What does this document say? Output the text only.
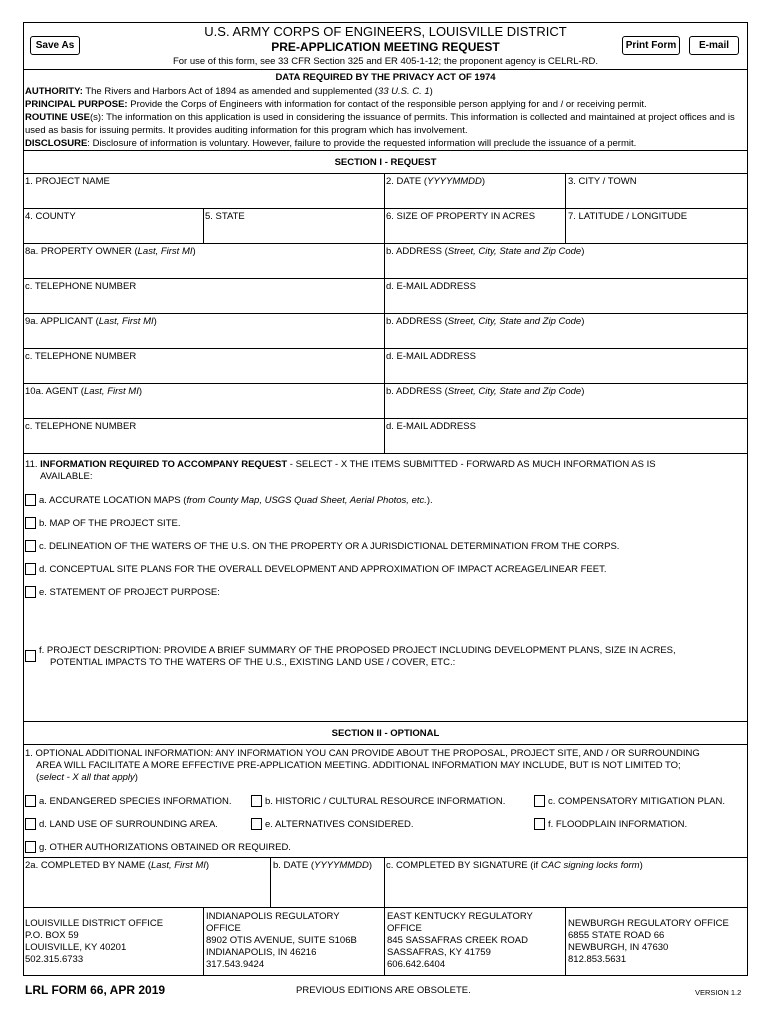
Save As	Print Form	E-mail
U.S. ARMY CORPS OF ENGINEERS, LOUISVILLE DISTRICT
PRE-APPLICATION MEETING REQUEST
For use of this form, see 33 CFR Section 325 and ER 405-1-12; the proponent agency is CELRL-RD.
DATA REQUIRED BY THE PRIVACY ACT OF 1974
AUTHORITY: The Rivers and Harbors Act of 1894 as amended and supplemented (33 U.S. C. 1)
PRINCIPAL PURPOSE: Provide the Corps of Engineers with information for contact of the responsible person applying for and / or receiving permit.
ROUTINE USE(s): The information on this application is used in considering the issuance of permits. This information is collected and maintained at project offices and is used as basis for issuing permits. It provides auditing information for this program which has involvement.
DISCLOSURE: Disclosure of information is voluntary. However, failure to provide the requested information will preclude the issuance of a permit.
SECTION I - REQUEST
1. PROJECT NAME	2. DATE (YYYYMMDD)	3. CITY / TOWN
4. COUNTY	5. STATE	6. SIZE OF PROPERTY IN ACRES	7. LATITUDE / LONGITUDE
8a. PROPERTY OWNER (Last, First MI)	b. ADDRESS (Street, City, State and Zip Code)
c. TELEPHONE NUMBER	d. E-MAIL ADDRESS
9a. APPLICANT (Last, First MI)	b. ADDRESS (Street, City, State and Zip Code)
c. TELEPHONE NUMBER	d. E-MAIL ADDRESS
10a. AGENT (Last, First MI)	b. ADDRESS (Street, City, State and Zip Code)
c. TELEPHONE NUMBER	d. E-MAIL ADDRESS
11. INFORMATION REQUIRED TO ACCOMPANY REQUEST - SELECT - X THE ITEMS SUBMITTED - FORWARD AS MUCH INFORMATION AS IS
AVAILABLE:
a. ACCURATE LOCATION MAPS (from County Map, USGS Quad Sheet, Aerial Photos, etc.).
b. MAP OF THE PROJECT SITE.
c. DELINEATION OF THE WATERS OF THE U.S. ON THE PROPERTY OR A JURISDICTIONAL DETERMINATION FROM THE CORPS.
d. CONCEPTUAL SITE PLANS FOR THE OVERALL DEVELOPMENT AND APPROXIMATION OF IMPACT ACREAGE/LINEAR FEET.
e. STATEMENT OF PROJECT PURPOSE:
f. PROJECT DESCRIPTION: PROVIDE A BRIEF SUMMARY OF THE PROPOSED PROJECT INCLUDING DEVELOPMENT PLANS, SIZE IN ACRES,
POTENTIAL IMPACTS TO THE WATERS OF THE U.S., EXISTING LAND USE / COVER, ETC.:
SECTION II - OPTIONAL
1. OPTIONAL ADDITIONAL INFORMATION: ANY INFORMATION YOU CAN PROVIDE ABOUT THE PROPOSAL, PROJECT SITE, AND / OR SURROUNDING
AREA WILL FACILITATE A MORE EFFECTIVE PRE-APPLICATION MEETING. ADDITIONAL INFORMATION MAY INCLUDE, BUT IS NOT LIMITED TO;
(select - X all that apply)
a. ENDANGERED SPECIES INFORMATION.	b. HISTORIC / CULTURAL RESOURCE INFORMATION.	c. COMPENSATORY MITIGATION PLAN.
d. LAND USE OF SURROUNDING AREA.	e. ALTERNATIVES CONSIDERED.	f. FLOODPLAIN INFORMATION.
g. OTHER AUTHORIZATIONS OBTAINED OR REQUIRED.
2a. COMPLETED BY NAME (Last, First MI)	b. DATE (YYYYMMDD) c. COMPLETED BY SIGNATURE (if CAC signing locks form)
LOUISVILLE DISTRICT OFFICE
P.O. BOX 59
LOUISVILLE, KY 40201
502.315.6733
INDIANAPOLIS REGULATORY
OFFICE
8902 OTIS AVENUE, SUITE S106B
INDIANAPOLIS, IN 46216
317.543.9424
EAST KENTUCKY REGULATORY
OFFICE
845 SASSAFRAS CREEK ROAD
SASSAFRAS, KY 41759
606.642.6404
NEWBURGH REGULATORY OFFICE
6855 STATE ROAD 66
NEWBURGH, IN 47630
812.853.5631
LRL FORM 66, APR 2019	PREVIOUS EDITIONS ARE OBSOLETE.	VERSION 1.2
